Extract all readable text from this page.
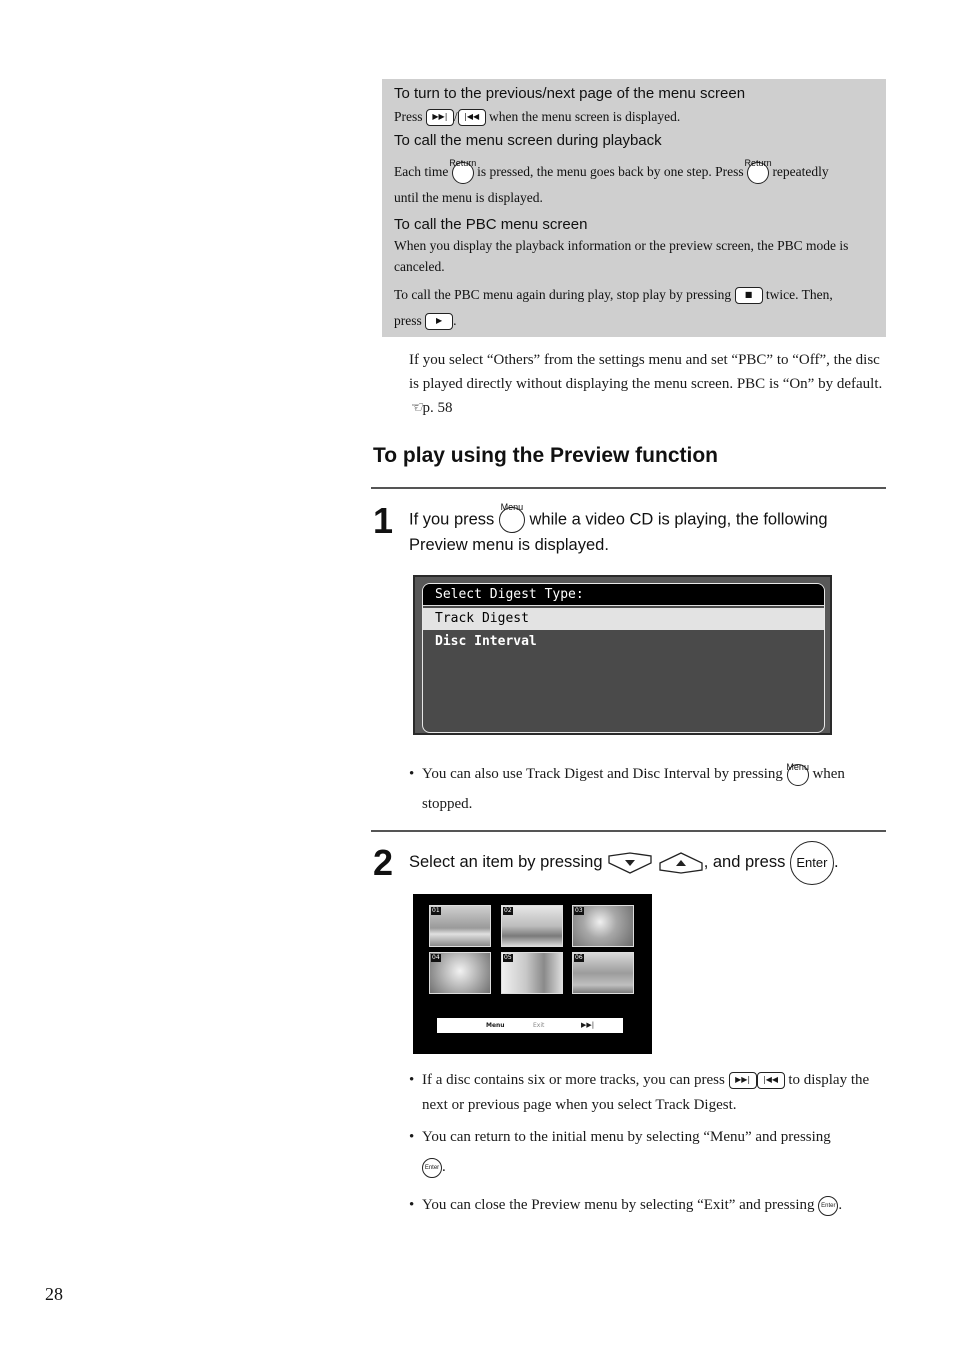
To turn to the previous/next page of the menu screen
Press ▶▶| / |◀◀ when the menu screen is displayed.
To call the menu screen during playback
Each time
Return
is pressed, the menu goes back by one step. Press
Return
repeatedly
until the menu is displayed.
To call the PBC menu screen
When you display the playback information or the preview screen, the PBC mode is canceled.
To call the PBC menu again during play, stop play by pressing ■ twice. Then,
press ▶ .
If you select “Others” from the settings menu and set “PBC” to “Off”, the disc is played directly without displaying the menu screen. PBC is “On” by default. ☜p. 58
To play using the Preview function
1 If you press
Menu
while a video CD is playing, the following Preview menu is displayed.
Select Digest Type:
Track Digest
Disc Interval
• You can also use Track Digest and Disc Interval by pressing Menu when stopped.
2 Select an item by pressing	, and press Enter .
01	02	03
04	05	06
Menu	Exit	▶▶|
• If a disc contains six or more tracks, you can press ▶▶| |◀◀ to display the next or previous page when you select Track Digest.
• You can return to the initial menu by selecting “Menu” and pressing
Enter .
• You can close the Preview menu by selecting “Exit” and pressing Enter .
28
